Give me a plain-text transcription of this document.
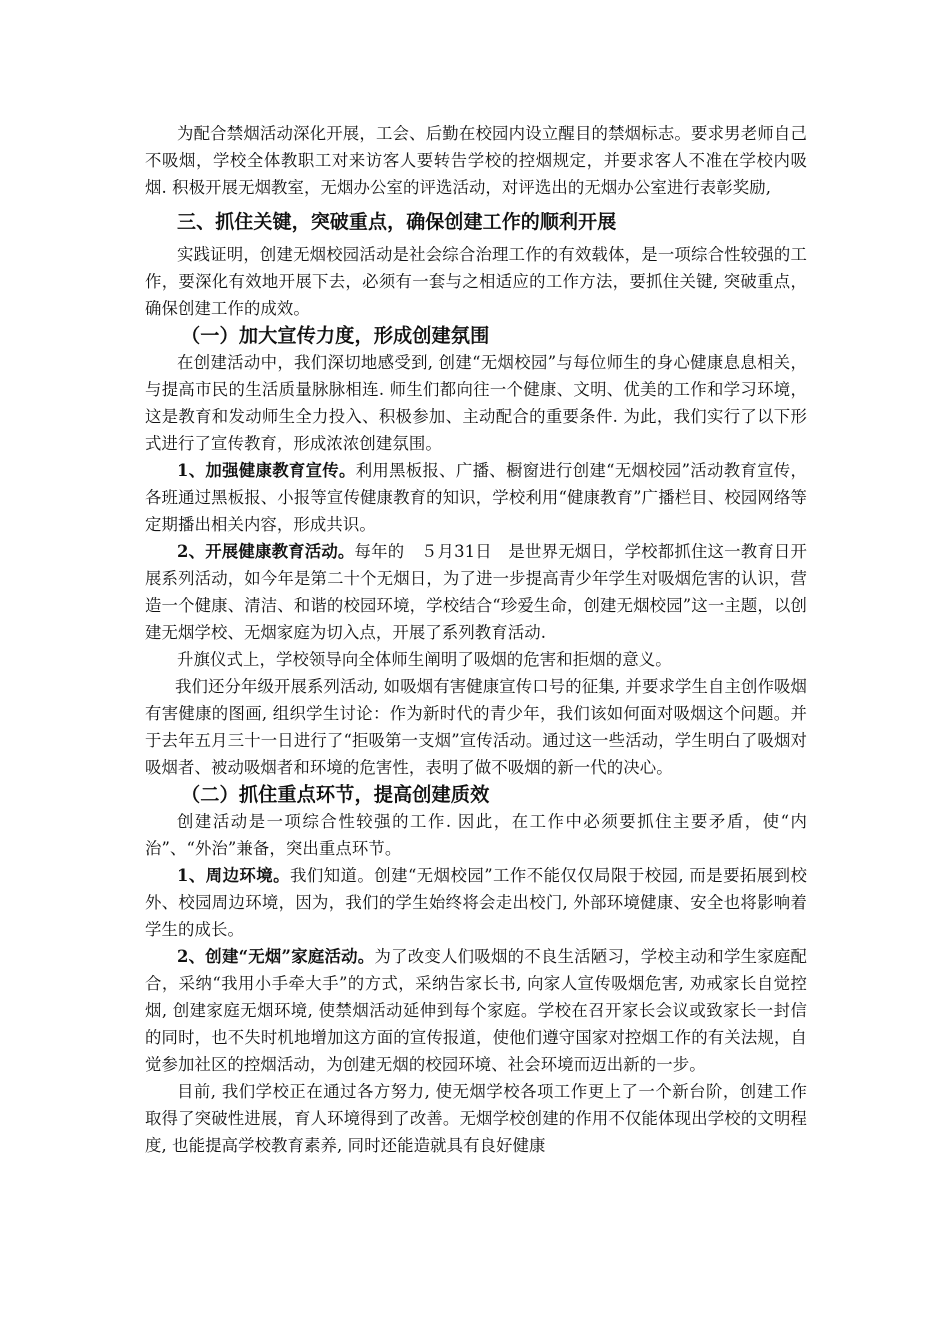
为配合禁烟活动深化开展，工会、后勤在校园内设立醒目的禁烟标志。要求男老师自己不吸烟，学校全体教职工对来访客人要转告学校的控烟规定，并要求客人不准在学校内吸烟. 积极开展无烟教室，无烟办公室的评选活动，对评选出的无烟办公室进行表彰奖励,

三、抓住关键，突破重点，确保创建工作的顺利开展

实践证明，创建无烟校园活动是社会综合治理工作的有效载体，是一项综合性较强的工作，要深化有效地开展下去，必须有一套与之相适应的工作方法，要抓住关键, 突破重点，确保创建工作的成效。

（一）加大宣传力度，形成创建氛围

在创建活动中，我们深切地感受到, 创建“无烟校园”与每位师生的身心健康息息相关，与提高市民的生活质量脉脉相连. 师生们都向往一个健康、文明、优美的工作和学习环境，这是教育和发动师生全力投入、积极参加、主动配合的重要条件. 为此，我们实行了以下形式进行了宣传教育，形成浓浓创建氛围。

1、加强健康教育宣传。利用黑板报、广播、橱窗进行创建“无烟校园”活动教育宣传，各班通过黑板报、小报等宣传健康教育的知识，学校利用“健康教育”广播栏目、校园网络等定期播出相关内容，形成共识。

2、开展健康教育活动。每年的　５月31日　是世界无烟日，学校都抓住这一教育日开展系列活动，如今年是第二十个无烟日，为了进一步提高青少年学生对吸烟危害的认识，营造一个健康、清洁、和谐的校园环境，学校结合“珍爱生命，创建无烟校园”这一主题，以创建无烟学校、无烟家庭为切入点，开展了系列教育活动.

升旗仪式上，学校领导向全体师生阐明了吸烟的危害和拒烟的意义。

我们还分年级开展系列活动, 如吸烟有害健康宣传口号的征集, 并要求学生自主创作吸烟有害健康的图画, 组织学生讨论：作为新时代的青少年，我们该如何面对吸烟这个问题。并于去年五月三十一日进行了“拒吸第一支烟”宣传活动。通过这一些活动，学生明白了吸烟对吸烟者、被动吸烟者和环境的危害性，表明了做不吸烟的新一代的决心。

（二）抓住重点环节，提高创建质效

创建活动是一项综合性较强的工作. 因此，在工作中必须要抓住主要矛盾，使“内治”、“外治”兼备，突出重点环节。

1、周边环境。我们知道。创建“无烟校园”工作不能仅仅局限于校园, 而是要拓展到校外、校园周边环境，因为，我们的学生始终将会走出校门, 外部环境健康、安全也将影响着学生的成长。

2、创建“无烟”家庭活动。为了改变人们吸烟的不良生活陋习，学校主动和学生家庭配合，采纳“我用小手牵大手”的方式，采纳告家长书, 向家人宣传吸烟危害, 劝戒家长自觉控烟, 创建家庭无烟环境, 使禁烟活动延伸到每个家庭。学校在召开家长会议或致家长一封信的同时，也不失时机地增加这方面的宣传报道，使他们遵守国家对控烟工作的有关法规，自觉参加社区的控烟活动，为创建无烟的校园环境、社会环境而迈出新的一步。

目前, 我们学校正在通过各方努力, 使无烟学校各项工作更上了一个新台阶，创建工作取得了突破性进展，育人环境得到了改善。无烟学校创建的作用不仅能体现出学校的文明程度, 也能提高学校教育素养, 同时还能造就具有良好健康
